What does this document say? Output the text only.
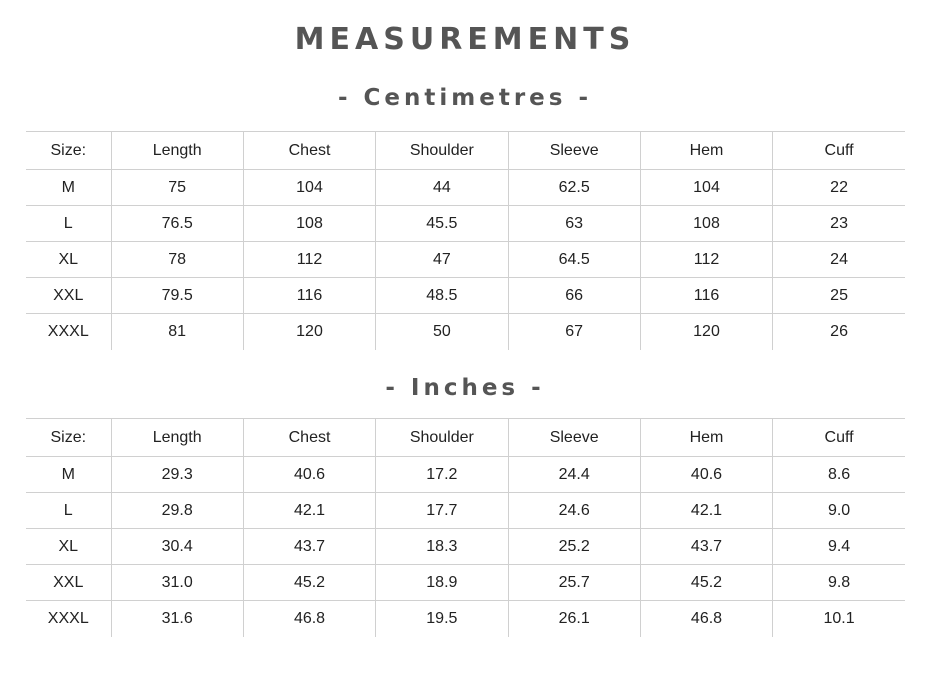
MEASUREMENTS
- Centimetres -
Size:	Length	Chest	Shoulder	Sleeve	Hem	Cuff
M	75	104	44	62.5	104	22
L	76.5	108	45.5	63	108	23
XL	78	112	47	64.5	112	24
XXL	79.5	116	48.5	66	116	25
XXXL	81	120	50	67	120	26
- Inches -
Size:	Length	Chest	Shoulder	Sleeve	Hem	Cuff
M	29.3	40.6	17.2	24.4	40.6	8.6
L	29.8	42.1	17.7	24.6	42.1	9.0
XL	30.4	43.7	18.3	25.2	43.7	9.4
XXL	31.0	45.2	18.9	25.7	45.2	9.8
XXXL	31.6	46.8	19.5	26.1	46.8	10.1
